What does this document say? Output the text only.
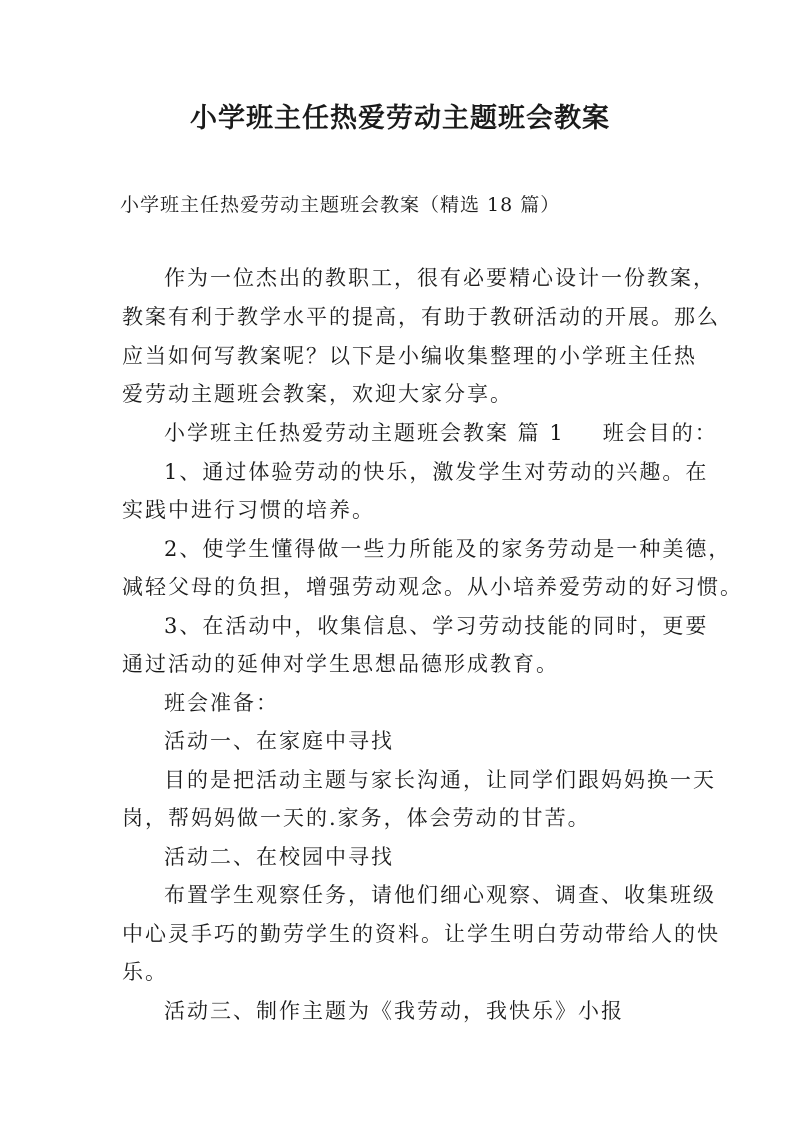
小学班主任热爱劳动主题班会教案
小学班主任热爱劳动主题班会教案（精选 18 篇）
作为一位杰出的教职工，很有必要精心设计一份教案，
教案有利于教学水平的提高，有助于教研活动的开展。那么
应当如何写教案呢？以下是小编收集整理的小学班主任热
爱劳动主题班会教案，欢迎大家分享。
小学班主任热爱劳动主题班会教案 篇 1 班会目的：
1、通过体验劳动的快乐，激发学生对劳动的兴趣。在
实践中进行习惯的培养。
2、使学生懂得做一些力所能及的家务劳动是一种美德，
减轻父母的负担，增强劳动观念。从小培养爱劳动的好习惯。
3、在活动中，收集信息、学习劳动技能的同时，更要
通过活动的延伸对学生思想品德形成教育。
班会准备：
活动一、在家庭中寻找
目的是把活动主题与家长沟通，让同学们跟妈妈换一天
岗，帮妈妈做一天的.家务，体会劳动的甘苦。
活动二、在校园中寻找
布置学生观察任务，请他们细心观察、调查、收集班级
中心灵手巧的勤劳学生的资料。让学生明白劳动带给人的快
乐。
活动三、制作主题为《我劳动，我快乐》小报
